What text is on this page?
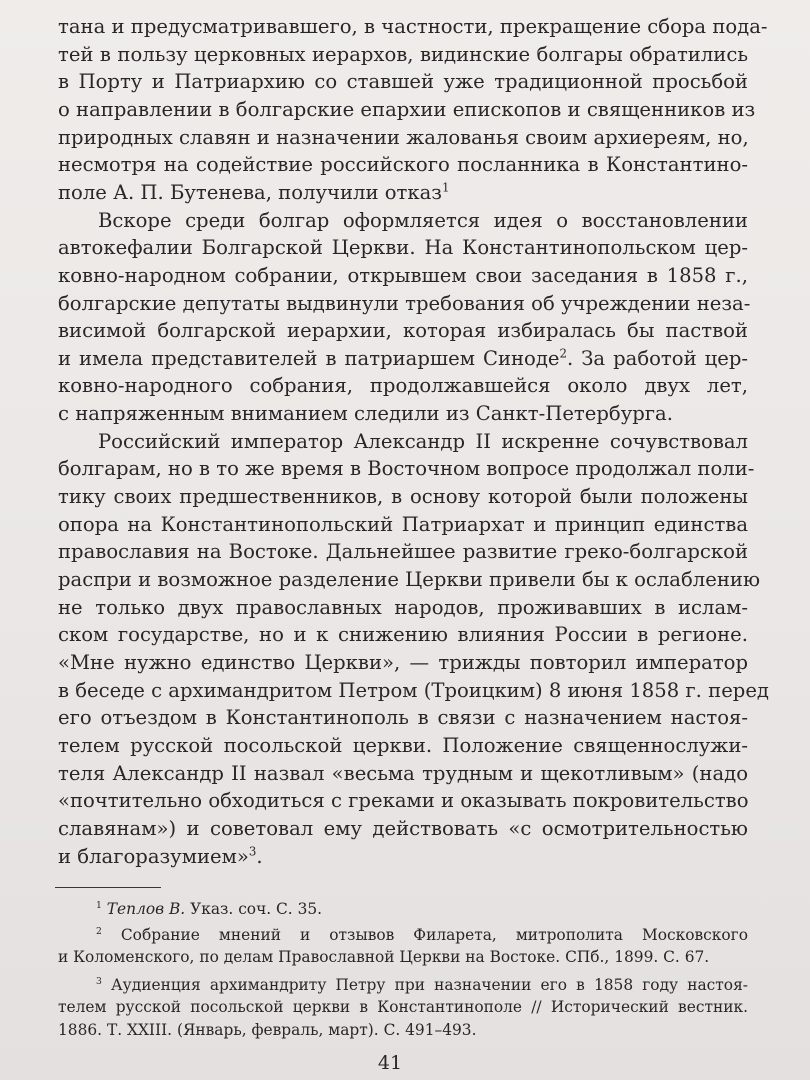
тана и предусматривавшего, в частности, прекращение сбора пода-
тей в пользу церковных иерархов, видинские болгары обратились
в Порту и Патриархию со ставшей уже традиционной просьбой
о направлении в болгарские епархии епископов и священников из
природных славян и назначении жалованья своим архиереям, но,
несмотря на содействие российского посланника в Константино-
поле А. П. Бутенева, получили отказ$^1$
Вскоре среди болгар оформляется идея о восстановлении
автокефалии Болгарской Церкви. На Константинопольском цер-
ковно-народном собрании, открывшем свои заседания в 1858 г.,
болгарские депутаты выдвинули требования об учреждении неза-
висимой болгарской иерархии, которая избиралась бы паствой
и имела представителей в патриаршем Синоде$^2$. За работой цер-
ковно-народного собрания, продолжавшейся около двух лет,
с напряженным вниманием следили из Санкт-Петербурга.
Российский император Александр II искренне сочувствовал
болгарам, но в то же время в Восточном вопросе продолжал поли-
тику своих предшественников, в основу которой были положены
опора на Константинопольский Патриархат и принцип единства
православия на Востоке. Дальнейшее развитие греко-болгарской
распри и возможное разделение Церкви привели бы к ослаблению
не только двух православных народов, проживавших в ислам-
ском государстве, но и к снижению влияния России в регионе.
«Мне нужно единство Церкви», — трижды повторил император
в беседе с архимандритом Петром (Троицким) 8 июня 1858 г. перед
его отъездом в Константинополь в связи с назначением настоя-
телем русской посольской церкви. Положение священнослужи-
теля Александр II назвал «весьма трудным и щекотливым» (надо
«почтительно обходиться с греками и оказывать покровительство
славянам») и советовал ему действовать «с осмотрительностью
и благоразумием»$^3$.
$^1$ Теплов В. Указ. соч. С. 35.
$^2$ Собрание мнений и отзывов Филарета, митрополита Московского
и Коломенского, по делам Православной Церкви на Востоке. СПб., 1899. С. 67.
$^3$ Аудиенция архимандриту Петру при назначении его в 1858 году настоя-
телем русской посольской церкви в Константинополе // Исторический вестник.
1886. Т. XXIII. (Январь, февраль, март). С. 491–493.
41
